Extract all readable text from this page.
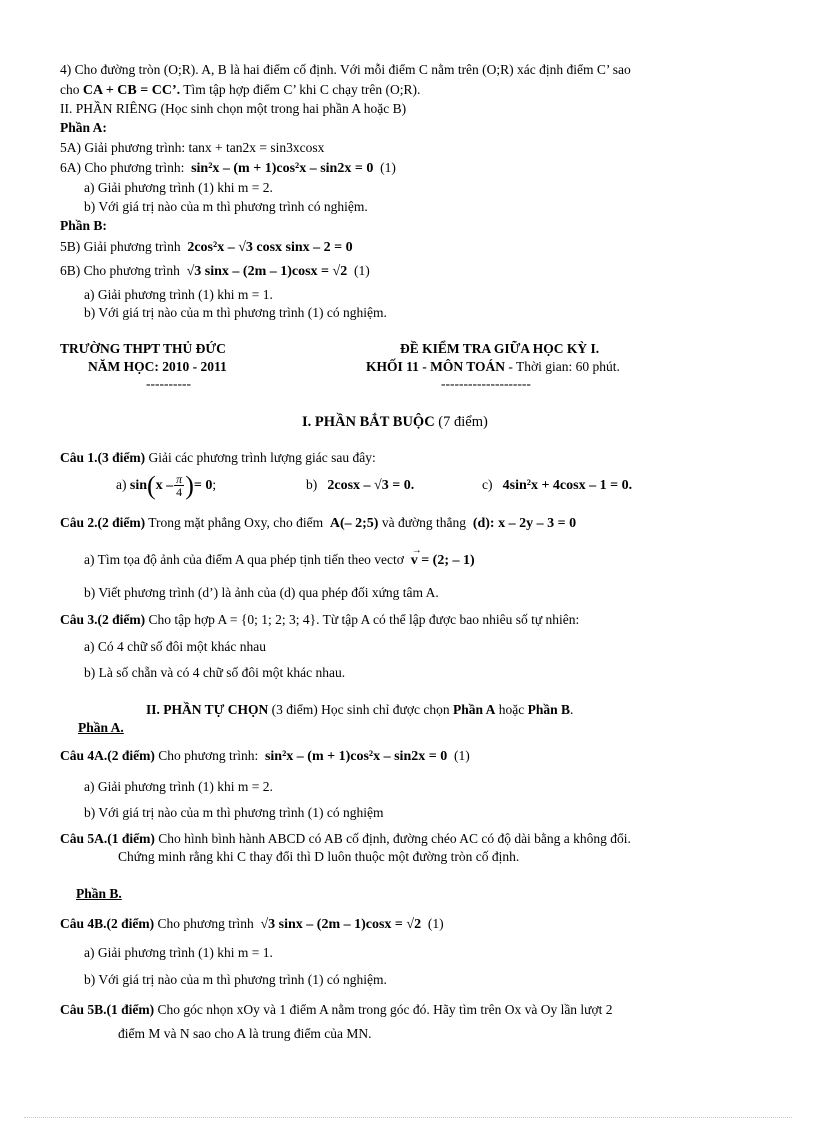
4) Cho đường tròn (O;R). A, B là hai điểm cố định. Với mỗi điểm C nằm trên (O;R) xác định điểm C’ sao
cho CA + CB = CC’. Tìm tập hợp điểm C’ khi C chạy trên (O;R).
II. PHẦN RIÊNG (Học sinh chọn một trong hai phần A hoặc B)
Phần A:
5A) Giải phương trình: tanx + tan2x = sin3xcosx
6A) Cho phương trình: sin²x – (m + 1)cos²x – sin2x = 0 (1)
a) Giải phương trình (1) khi m = 2.
b) Với giá trị nào của m thì phương trình có nghiệm.
Phần B:
5B) Giải phương trình 2cos²x – √3 cosx sinx – 2 = 0
6B) Cho phương trình √3 sinx – (2m – 1)cosx = √2 (1)
a) Giải phương trình (1) khi m = 1.
b) Với giá trị nào của m thì phương trình (1) có nghiệm.
TRƯỜNG THPT THỦ ĐỨC
NĂM HỌC: 2010 - 2011
----------
ĐỀ KIỂM TRA GIỮA HỌC KỲ I.
KHỐI 11 - MÔN TOÁN - Thời gian: 60 phút.
--------------------
I. PHẦN BẮT BUỘC (7 điểm)
Câu 1.(3 điểm) Giải các phương trình lượng giác sau đây:
a) $\sin(x - \frac{\pi}{4}$ )= 0;	b) 2cosx – √3 = 0.	c) 4sin²x + 4cosx – 1 = 0.
Câu 2.(2 điểm) Trong mặt phẳng Oxy, cho điểm A(– 2;5) và đường thẳng (d): x – 2y – 3 = 0
a) Tìm tọa độ ảnh của điểm A qua phép tịnh tiến theo vectơ  → v = (2; – 1)
b) Viết phương trình (d’) là ảnh của (d) qua phép đối xứng tâm A.
Câu 3.(2 điểm) Cho tập hợp A = {0; 1; 2; 3; 4}. Từ tập A có thể lập được bao nhiêu số tự nhiên:
a) Có 4 chữ số đôi một khác nhau
b) Là số chẵn và có 4 chữ số đôi một khác nhau.
II. PHẦN TỰ CHỌN (3 điểm) Học sinh chỉ được chọn Phần A hoặc Phần B.
Phần A.
Câu 4A.(2 điểm) Cho phương trình: sin²x – (m + 1)cos²x – sin2x = 0 (1)
a) Giải phương trình (1) khi m = 2.
b) Với giá trị nào của m thì phương trình (1) có nghiệm
Câu 5A.(1 điểm) Cho hình bình hành ABCD có AB cố định, đường chéo AC có độ dài bằng a không đổi.
Chứng minh rằng khi C thay đổi thì D luôn thuộc một đường tròn cố định.
Phần B.
Câu 4B.(2 điểm) Cho phương trình √3 sinx – (2m – 1)cosx = √2 (1)
a) Giải phương trình (1) khi m = 1.
b) Với giá trị nào của m thì phương trình (1) có nghiệm.
Câu 5B.(1 điểm) Cho góc nhọn xOy và 1 điểm A nằm trong góc đó. Hãy tìm trên Ox và Oy lần lượt 2
điểm M và N sao cho A là trung điểm của MN.
